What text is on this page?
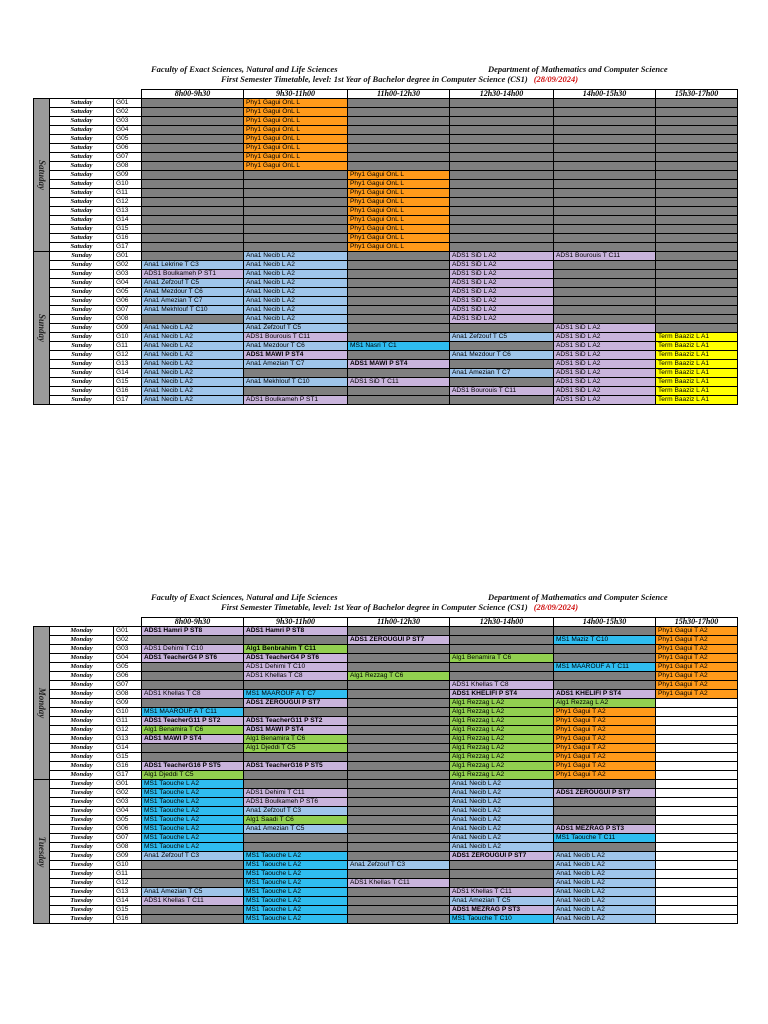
Faculty of Exact Sciences, Natural and Life Sciences	Department of Mathematics and Computer Science
First Semester Timetable, level: 1st Year of Bachelor degree in Computer Science (CS1) (28/09/2024)
			8h00-9h30	9h30-11h00	11h00-12h30	12h30-14h00	14h00-15h30	15h30-17h00

Satuday	Satuday	G01		Phy1 Gagui OnL L				
	Satuday	G02		Phy1 Gagui OnL L				
	Satuday	G03		Phy1 Gagui OnL L				
	Satuday	G04		Phy1 Gagui OnL L				
	Satuday	G05		Phy1 Gagui OnL L				
	Satuday	G06		Phy1 Gagui OnL L				
	Satuday	G07		Phy1 Gagui OnL L				
	Satuday	G08		Phy1 Gagui OnL L				
	Satuday	G09			Phy1 Gagui OnL L			
	Satuday	G10			Phy1 Gagui OnL L			
	Satuday	G11			Phy1 Gagui OnL L			
	Satuday	G12			Phy1 Gagui OnL L			
	Satuday	G13			Phy1 Gagui OnL L			
	Satuday	G14			Phy1 Gagui OnL L			
	Satuday	G15			Phy1 Gagui OnL L			
	Satuday	G16			Phy1 Gagui OnL L			
	Satuday	G17			Phy1 Gagui OnL L			

Sunday	Sunday	G01		Ana1 Necib L A2		ADS1 SiD L A2	ADS1 Bourouis T C11	
	Sunday	G02	Ana1 Lekrine T C3	Ana1 Necib L A2		ADS1 SiD L A2		
	Sunday	G03	ADS1 Boulkameh P ST1	Ana1 Necib L A2		ADS1 SiD L A2		
	Sunday	G04	Ana1 Zefzouf T C5	Ana1 Necib L A2		ADS1 SiD L A2		
	Sunday	G05	Ana1 Mezdour T C6	Ana1 Necib L A2		ADS1 SiD L A2		
	Sunday	G06	Ana1 Amezian T C7	Ana1 Necib L A2		ADS1 SiD L A2		
	Sunday	G07	Ana1 Mekhlouf T C10	Ana1 Necib L A2		ADS1 SiD L A2		
	Sunday	G08		Ana1 Necib L A2		ADS1 SiD L A2		
	Sunday	G09	Ana1 Necib L A2	Ana1 Zefzouf T C5			ADS1 SiD L A2	
	Sunday	G10	Ana1 Necib L A2	ADS1 Bourouis T C11		Ana1 Zefzouf T C5	ADS1 SiD L A2	Term Baaziz L A1
	Sunday	G11	Ana1 Necib L A2	Ana1 Mezdour T C6	MS1 Nasri T C1		ADS1 SiD L A2	Term Baaziz L A1
	Sunday	G12	Ana1 Necib L A2	ADS1 MAWI P ST4		Ana1 Mezdour T C6	ADS1 SiD L A2	Term Baaziz L A1
	Sunday	G13	Ana1 Necib L A2	Ana1 Amezian T C7	ADS1 MAWI P ST4		ADS1 SiD L A2	Term Baaziz L A1
	Sunday	G14	Ana1 Necib L A2			Ana1 Amezian T C7	ADS1 SiD L A2	Term Baaziz L A1
	Sunday	G15	Ana1 Necib L A2	Ana1 Mekhlouf T C10	ADS1 SiD T C11		ADS1 SiD L A2	Term Baaziz L A1
	Sunday	G16	Ana1 Necib L A2			ADS1 Bourouis T C11	ADS1 SiD L A2	Term Baaziz L A1
	Sunday	G17	Ana1 Necib L A2	ADS1 Boulkameh P ST1			ADS1 SiD L A2	Term Baaziz L A1
Faculty of Exact Sciences, Natural and Life Sciences	Department of Mathematics and Computer Science
First Semester Timetable, level: 1st Year of Bachelor degree in Computer Science (CS1) (28/09/2024)
			8h00-9h30	9h30-11h00	11h00-12h30	12h30-14h00	14h00-15h30	15h30-17h00

Monday	Monday	G01	ADS1 Hamri P ST8	ADS1 Hamri P ST8				Phy1 Gagui T A2
	Monday	G02			ADS1 ZEROUGUI P ST7		MS1 Maziz T C10	Phy1 Gagui T A2
	Monday	G03	ADS1 Dehimi T C10	Alg1 Benbrahim T C11				Phy1 Gagui T A2
	Monday	G04	ADS1 TeacherG4 P ST6	ADS1 TeacherG4 P ST6		Alg1 Benamira T C6		Phy1 Gagui T A2
	Monday	G05		ADS1 Dehimi T C10			MS1 MAAROUF A T C11	Phy1 Gagui T A2
	Monday	G06		ADS1 Khellas T C8	Alg1 Rezzag T C6			Phy1 Gagui T A2
	Monday	G07				ADS1 Khellas T C8		Phy1 Gagui T A2
	Monday	G08	ADS1 Khellas T C8	MS1 MAAROUF A T C7		ADS1 KHELIFI P ST4	ADS1 KHELIFI P ST4	Phy1 Gagui T A2
	Monday	G09		ADS1 ZEROUGUI P ST7		Alg1 Rezzag L A2	Alg1 Rezzag L A2	
	Monday	G10	MS1 MAAROUF A T C11			Alg1 Rezzag L A2	Phy1 Gagui T A2	
	Monday	G11	ADS1 TeacherG11 P ST2	ADS1 TeacherG11 P ST2		Alg1 Rezzag L A2	Phy1 Gagui T A2	
	Monday	G12	Alg1 Benamira T C6	ADS1 MAWI P ST4		Alg1 Rezzag L A2	Phy1 Gagui T A2	
	Monday	G13	ADS1 MAWI P ST4	Alg1 Benamira T C6		Alg1 Rezzag L A2	Phy1 Gagui T A2	
	Monday	G14		Alg1 Djeddi T C5		Alg1 Rezzag L A2	Phy1 Gagui T A2	
	Monday	G15				Alg1 Rezzag L A2	Phy1 Gagui T A2	
	Monday	G16	ADS1 TeacherG16 P ST5	ADS1 TeacherG16 P ST5		Alg1 Rezzag L A2	Phy1 Gagui T A2	
	Monday	G17	Alg1 Djeddi T C5			Alg1 Rezzag L A2	Phy1 Gagui T A2	

Tuesday	Tuesday	G01	MS1 Taouche L A2			Ana1 Necib L A2		
	Tuesday	G02	MS1 Taouche L A2	ADS1 Dehimi T C11		Ana1 Necib L A2	ADS1 ZEROUGUI P ST7	
	Tuesday	G03	MS1 Taouche L A2	ADS1 Boulkameh P ST6		Ana1 Necib L A2		
	Tuesday	G04	MS1 Taouche L A2	Ana1 Zefzouf T C3		Ana1 Necib L A2		
	Tuesday	G05	MS1 Taouche L A2	Alg1 Saadi T C6		Ana1 Necib L A2		
	Tuesday	G06	MS1 Taouche L A2	Ana1 Amezian T C5		Ana1 Necib L A2	ADS1 MEZRAG P ST3	
	Tuesday	G07	MS1 Taouche L A2			Ana1 Necib L A2	MS1 Taouche T C11	
	Tuesday	G08	MS1 Taouche L A2			Ana1 Necib L A2		
	Tuesday	G09	Ana1 Zefzouf T C3	MS1 Taouche L A2		ADS1 ZEROUGUI P ST7	Ana1 Necib L A2	
	Tuesday	G10		MS1 Taouche L A2	Ana1 Zefzouf T C3		Ana1 Necib L A2	
	Tuesday	G11		MS1 Taouche L A2			Ana1 Necib L A2	
	Tuesday	G12		MS1 Taouche L A2	ADS1 Khellas T C11		Ana1 Necib L A2	
	Tuesday	G13	Ana1 Amezian T C5	MS1 Taouche L A2		ADS1 Khellas T C11	Ana1 Necib L A2	
	Tuesday	G14	ADS1 Khellas T C11	MS1 Taouche L A2		Ana1 Amezian T C5	Ana1 Necib L A2	
	Tuesday	G15		MS1 Taouche L A2		ADS1 MEZRAG P ST3	Ana1 Necib L A2	
	Tuesday	G16		MS1 Taouche L A2		MS1 Taouche T C10	Ana1 Necib L A2	
